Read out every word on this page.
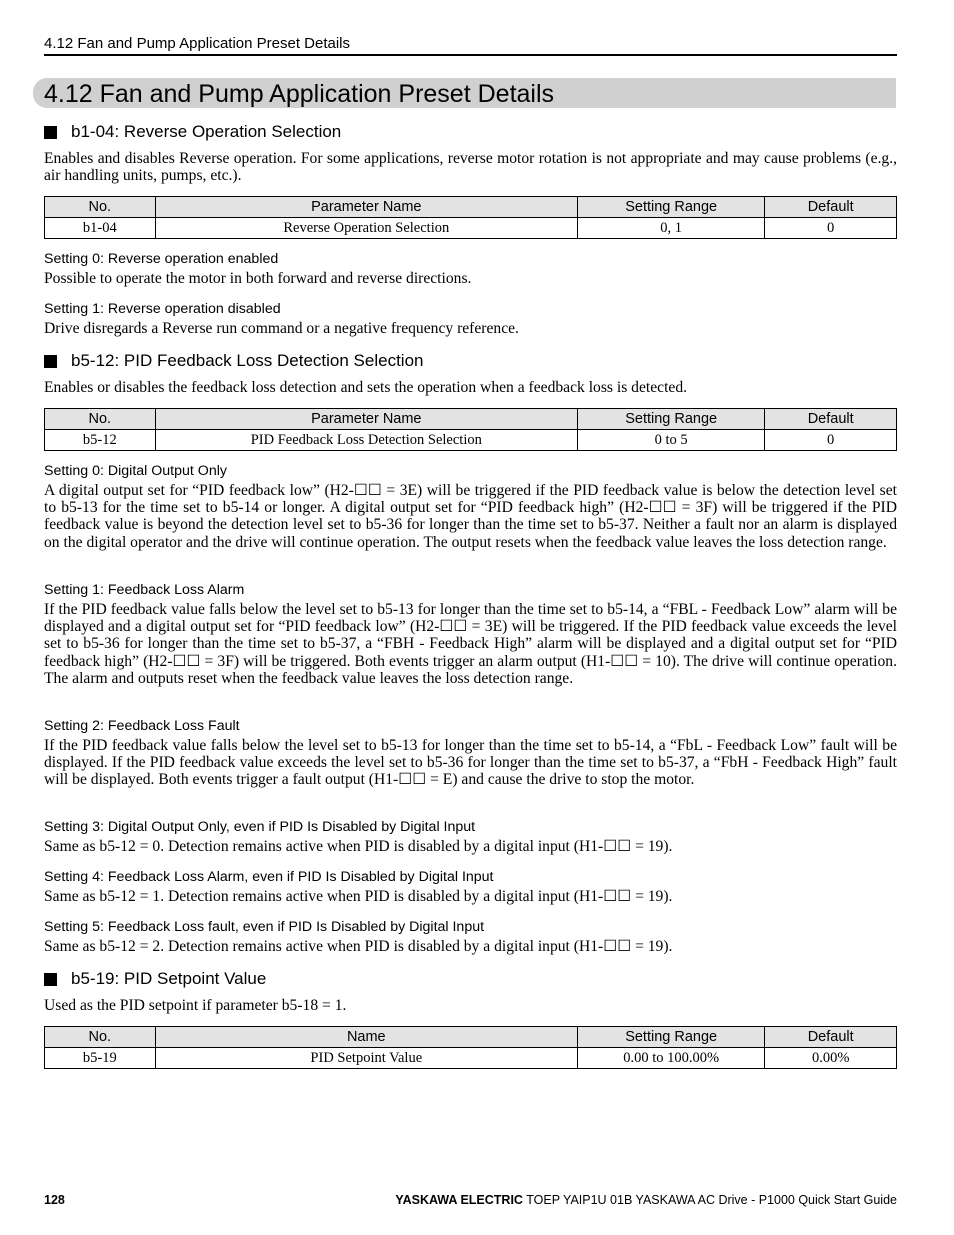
4.12 Fan and Pump Application Preset Details
4.12 Fan and Pump Application Preset Details
b1-04: Reverse Operation Selection

Enables and disables Reverse operation. For some applications, reverse motor rotation is not appropriate and may cause problems (e.g., air handling units, pumps, etc.).

No.	Parameter Name	Setting Range	Default
b1-04	Reverse Operation Selection	0, 1	0
Setting 0: Reverse operation enabled

Possible to operate the motor in both forward and reverse directions.

Setting 1: Reverse operation disabled

Drive disregards a Reverse run command or a negative frequency reference.

b5-12: PID Feedback Loss Detection Selection

Enables or disables the feedback loss detection and sets the operation when a feedback loss is detected.

No.	Parameter Name	Setting Range	Default
b5-12	PID Feedback Loss Detection Selection	0 to 5	0
Setting 0: Digital Output Only

A digital output set for “PID feedback low” (H2-☐☐ = 3E) will be triggered if the PID feedback value is below the detection level set to b5-13 for the time set to b5-14 or longer. A digital output set for “PID feedback high” (H2-☐☐ = 3F) will be triggered if the PID feedback value is beyond the detection level set to b5-36 for longer than the time set to b5-37. Neither a fault nor an alarm is displayed on the digital operator and the drive will continue operation. The output resets when the feedback value leaves the loss detection range.

Setting 1: Feedback Loss Alarm

If the PID feedback value falls below the level set to b5-13 for longer than the time set to b5-14, a “FBL - Feedback Low” alarm will be displayed and a digital output set for “PID feedback low” (H2-☐☐ = 3E) will be triggered. If the PID feedback value exceeds the level set to b5-36 for longer than the time set to b5-37, a “FBH - Feedback High” alarm will be displayed and a digital output set for “PID feedback high” (H2-☐☐ = 3F) will be triggered. Both events trigger an alarm output (H1-☐☐ = 10). The drive will continue operation. The alarm and outputs reset when the feedback value leaves the loss detection range.

Setting 2: Feedback Loss Fault

If the PID feedback value falls below the level set to b5-13 for longer than the time set to b5-14, a “FbL - Feedback Low” fault will be displayed. If the PID feedback value exceeds the level set to b5-36 for longer than the time set to b5-37, a “FbH - Feedback High” fault will be displayed. Both events trigger a fault output (H1-☐☐ = E) and cause the drive to stop the motor.

Setting 3: Digital Output Only, even if PID Is Disabled by Digital Input

Same as b5-12 = 0. Detection remains active when PID is disabled by a digital input (H1-☐☐ = 19).

Setting 4: Feedback Loss Alarm, even if PID Is Disabled by Digital Input

Same as b5-12 = 1. Detection remains active when PID is disabled by a digital input (H1-☐☐ = 19).

Setting 5: Feedback Loss fault, even if PID Is Disabled by Digital Input

Same as b5-12 = 2. Detection remains active when PID is disabled by a digital input (H1-☐☐ = 19).

b5-19: PID Setpoint Value

Used as the PID setpoint if parameter b5-18 = 1.

No.	Name	Setting Range	Default
b5-19	PID Setpoint Value	0.00 to 100.00%	0.00%
128	YASKAWA ELECTRIC TOEP YAIP1U 01B YASKAWA AC Drive - P1000 Quick Start Guide
